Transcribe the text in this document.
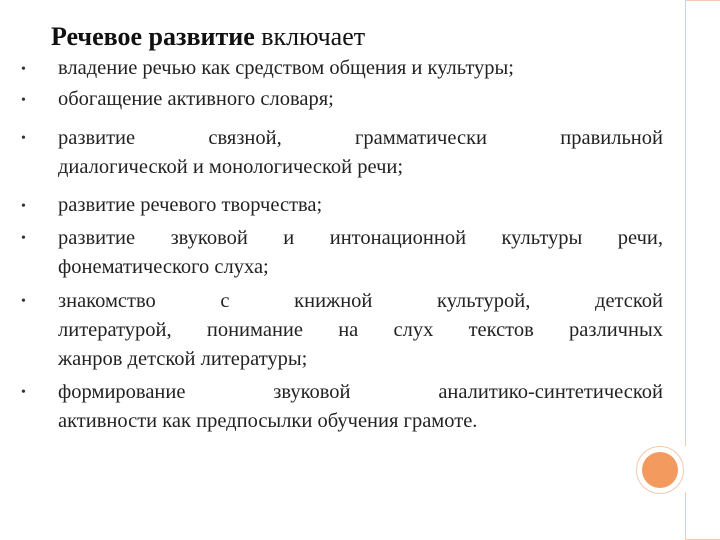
Речевое развитие включает
• владение речью как средством общения и культуры;
• обогащение активного словаря;
• развитие связной, грамматически правильной
диалогической и монологической речи;
• развитие речевого творчества;
• развитие звуковой и интонационной культуры речи,
фонематического слуха;
• знакомство с книжной культурой, детской
литературой, понимание на слух текстов различных
жанров детской литературы;
• формирование звуковой аналитико-синтетической
активности как предпосылки обучения грамоте.
